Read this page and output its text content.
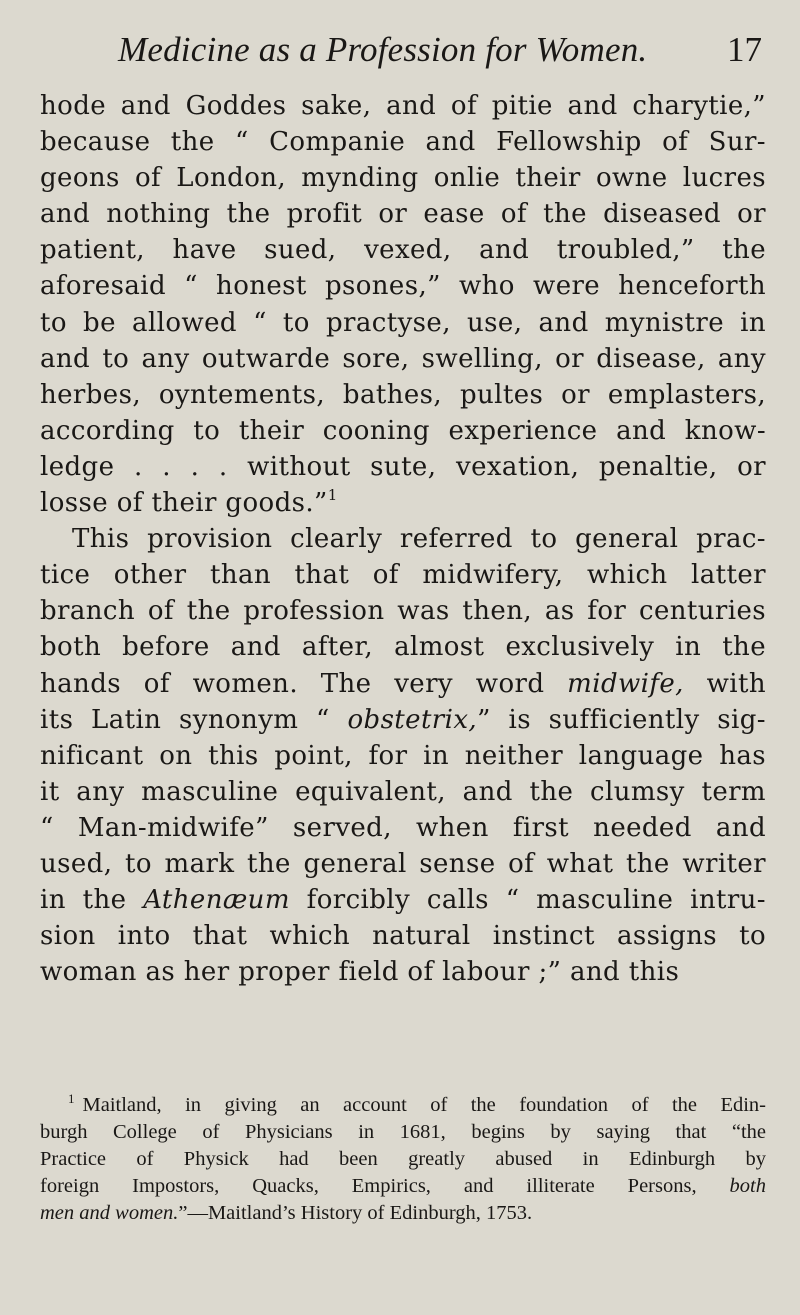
Medicine as a Profession for Women. 17
hode and Goddes sake, and of pitie and charytie,”
because the “ Companie and Fellowship of Sur-
geons of London, mynding onlie their owne lucres
and nothing the profit or ease of the diseased or
patient, have sued, vexed, and troubled,” the
aforesaid “ honest psones,” who were henceforth
to be allowed “ to practyse, use, and mynistre in
and to any outwarde sore, swelling, or disease, any
herbes, oyntements, bathes, pultes or emplasters,
according to their cooning experience and know-
ledge . . . . without sute, vexation, penaltie, or
losse of their goods.”$^1$
This provision clearly referred to general prac-
tice other than that of midwifery, which latter
branch of the profession was then, as for centuries
both before and after, almost exclusively in the
hands of women. The very word midwife, with
its Latin synonym “ obstetrix,” is sufficiently sig-
nificant on this point, for in neither language has
it any masculine equivalent, and the clumsy term
“ Man-midwife” served, when first needed and
used, to mark the general sense of what the writer
in the Athenæum forcibly calls “ masculine intru-
sion into that which natural instinct assigns to
woman as her proper field of labour ;” and this
$^1$ Maitland, in giving an account of the foundation of the Edin-
burgh College of Physicians in 1681, begins by saying that “the
Practice of Physick had been greatly abused in Edinburgh by
foreign Impostors, Quacks, Empirics, and illiterate Persons, both
men and women.”—Maitland’s History of Edinburgh, 1753.
